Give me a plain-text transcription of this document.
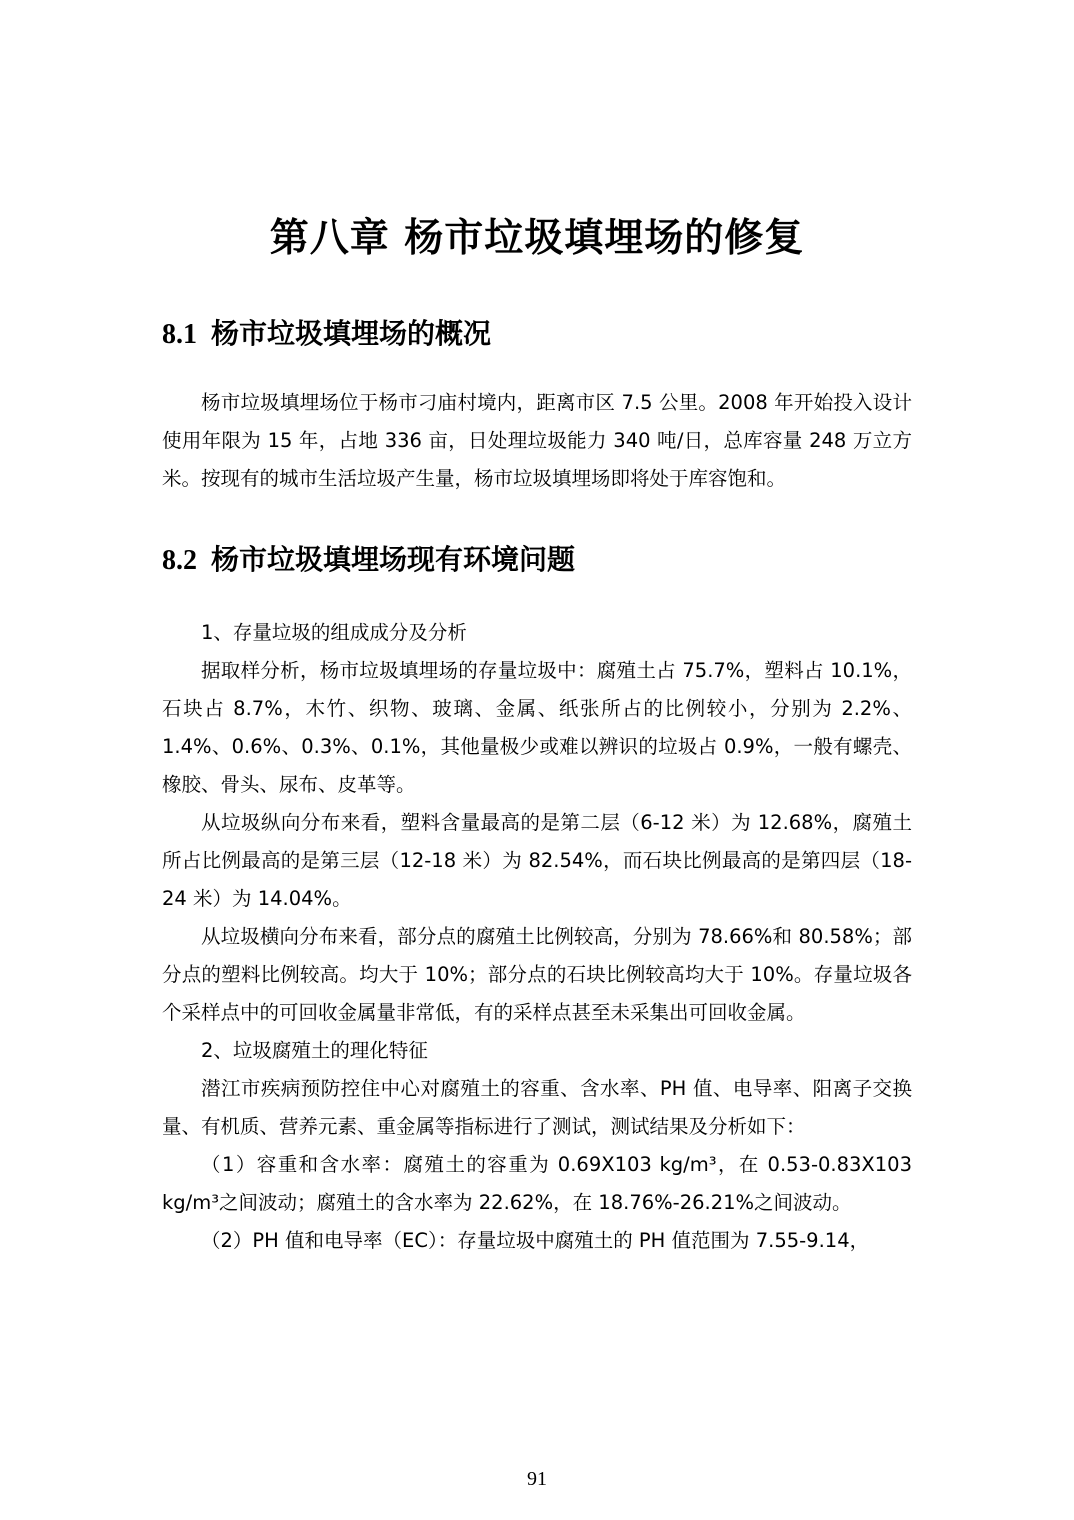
第八章 杨市垃圾填埋场的修复
8.1 杨市垃圾填埋场的概况

杨市垃圾填埋场位于杨市刁庙村境内，距离市区 7.5 公里。2008 年开始投入设计使用年限为 15 年，占地 336 亩，日处理垃圾能力 340 吨/日，总库容量 248 万立方米。按现有的城市生活垃圾产生量，杨市垃圾填埋场即将处于库容饱和。

8.2 杨市垃圾填埋场现有环境问题

1、存量垃圾的组成成分及分析

据取样分析，杨市垃圾填埋场的存量垃圾中：腐殖土占 75.7%，塑料占 10.1%，石块占 8.7%，木竹、织物、玻璃、金属、纸张所占的比例较小，分别为 2.2%、1.4%、0.6%、0.3%、0.1%，其他量极少或难以辨识的垃圾占 0.9%，一般有螺壳、橡胶、骨头、尿布、皮革等。

从垃圾纵向分布来看，塑料含量最高的是第二层（6-12 米）为 12.68%，腐殖土所占比例最高的是第三层（12-18 米）为 82.54%，而石块比例最高的是第四层（18-24 米）为 14.04%。

从垃圾横向分布来看，部分点的腐殖土比例较高，分别为 78.66%和 80.58%；部分点的塑料比例较高。均大于 10%；部分点的石块比例较高均大于 10%。存量垃圾各个采样点中的可回收金属量非常低，有的采样点甚至未采集出可回收金属。

2、垃圾腐殖土的理化特征

潜江市疾病预防控住中心对腐殖土的容重、含水率、PH 值、电导率、阳离子交换量、有机质、营养元素、重金属等指标进行了测试，测试结果及分析如下：

（1）容重和含水率：腐殖土的容重为 0.69X103 kg/m³，在 0.53-0.83X103 kg/m³之间波动；腐殖土的含水率为 22.62%，在 18.76%-26.21%之间波动。

（2）PH 值和电导率（EC）：存量垃圾中腐殖土的 PH 值范围为 7.55-9.14，

91
